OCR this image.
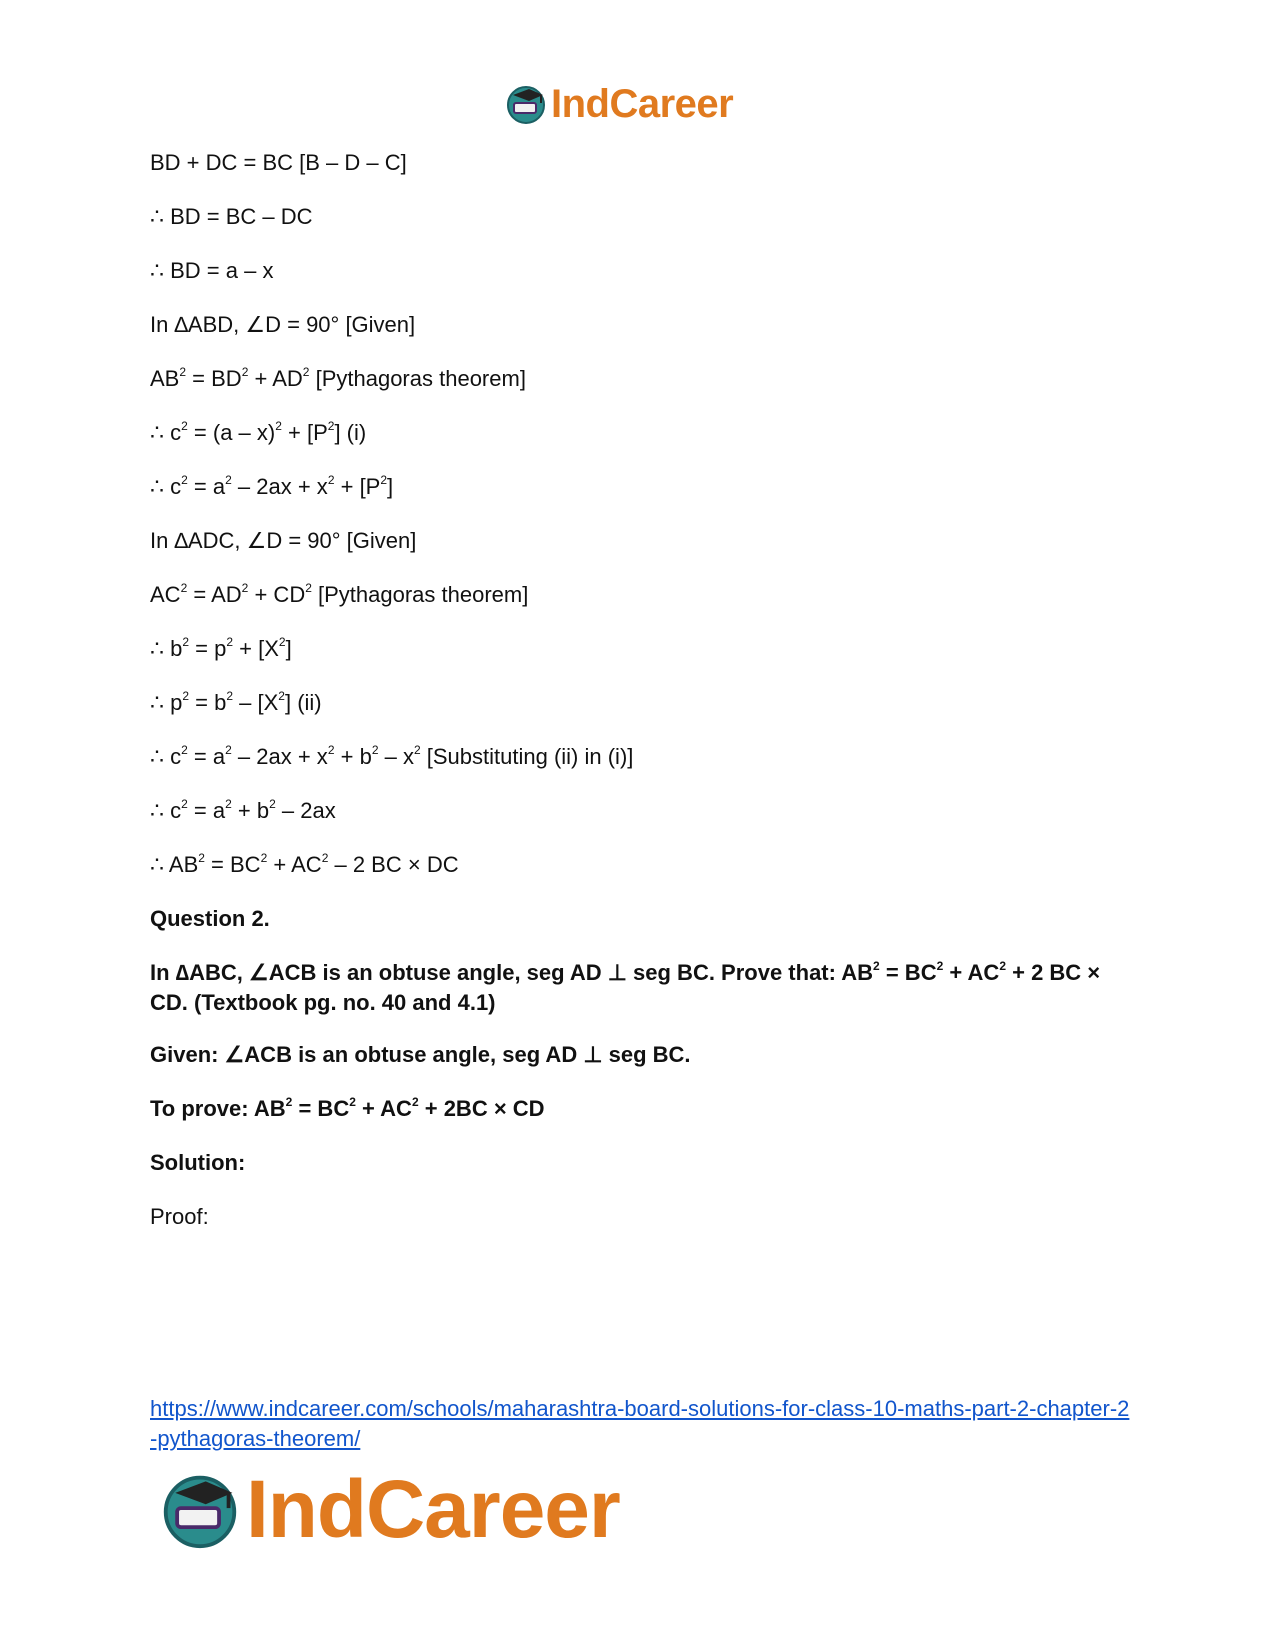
IndCareer

BD + DC = BC [B – D – C]

∴ BD = BC – DC

∴ BD = a – x

In ∆ABD, ∠D = 90° [Given]

$AB^2 = BD^2 + AD^2$ [Pythagoras theorem]

∴ $c^2 = (a - x)^2 + [P^2]$ (i)

∴ $c^2 = a^2 - 2ax + x^2 + [P^2]$

In ∆ADC, ∠D = 90° [Given]

$AC^2 = AD^2 + CD^2$ [Pythagoras theorem]

∴ $b^2 = p^2 + [X^2]$

∴ $p^2 = b^2 - [X^2]$ (ii)

∴ $c^2 = a^2 - 2ax + x^2 + b^2 - x^2$ [Substituting (ii) in (i)]

∴ $c^2 = a^2 + b^2 - 2ax$

∴ $AB^2 = BC^2 + AC^2 - 2$ BC × DC

Question 2.

In ∆ABC, ∠ACB is an obtuse angle, seg AD ⊥ seg BC. Prove that: $AB^2 = BC^2 + AC^2 + 2$ BC × CD. (Textbook pg. no. 40 and 4.1)

Given: ∠ACB is an obtuse angle, seg AD ⊥ seg BC.

To prove: $AB^2 = BC^2 + AC^2 + 2BC$ × CD

Solution:

Proof:

https://www.indcareer.com/schools/maharashtra-board-solutions-for-class-10-maths-part-2-chapter-2-pythagoras-theorem/
IndCareer
